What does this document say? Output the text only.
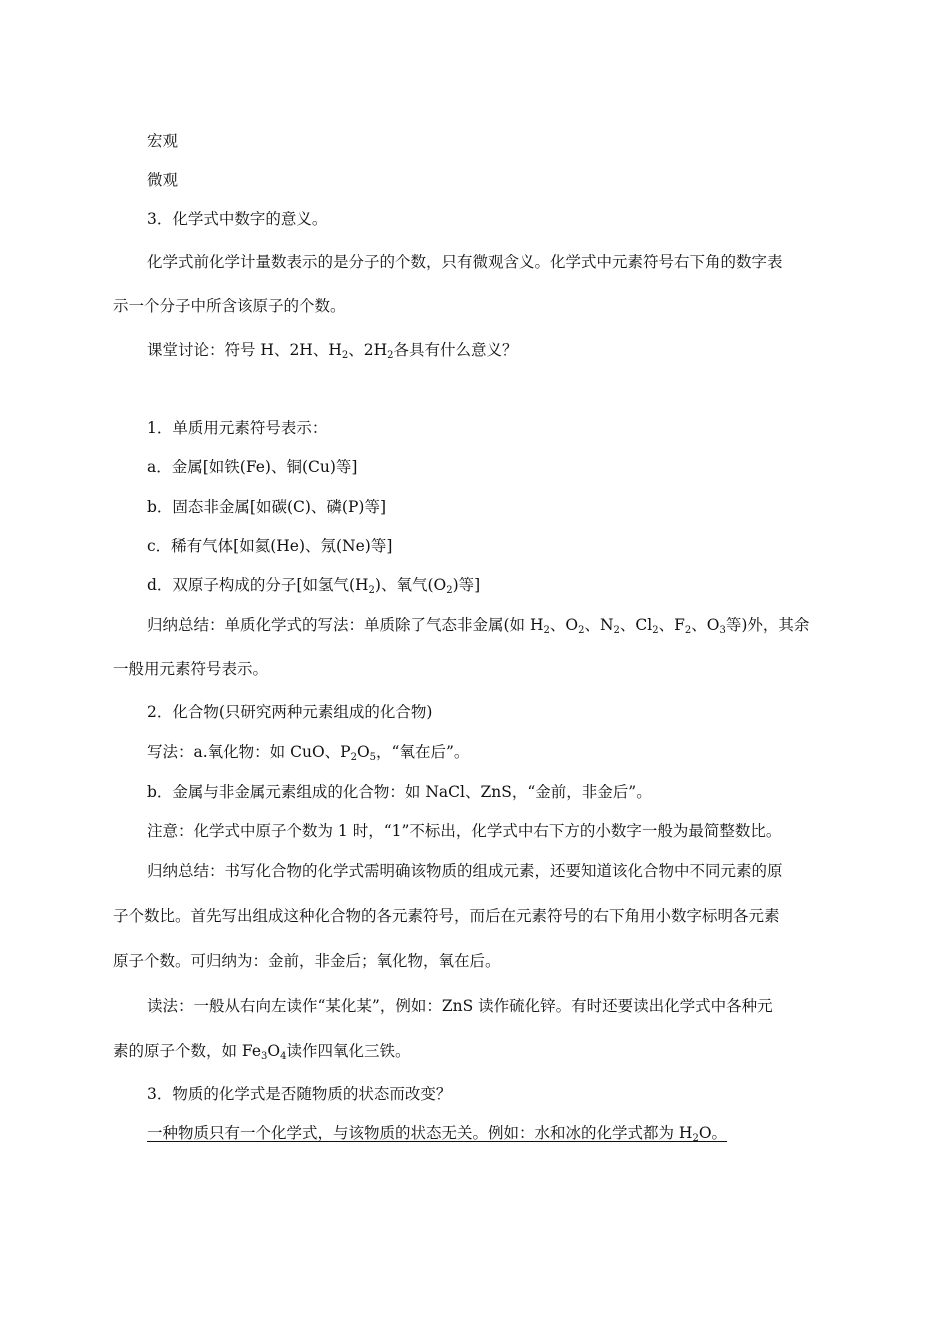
宏观
微观
3．化学式中数字的意义。
化学式前化学计量数表示的是分子的个数，只有微观含义。化学式中元素符号右下角的数字表
示一个分子中所含该原子的个数。
课堂讨论：符号 H、2H、$H_2$、$2H_2$各具有什么意义？
1．单质用元素符号表示：
a．金属[如铁(Fe)、铜(Cu)等]
b．固态非金属[如碳(C)、磷(P)等]
c．稀有气体[如氦(He)、氖(Ne)等]
d．双原子构成的分子[如氢气$(H_2)$、氧气$(O_2)$等]
归纳总结：单质化学式的写法：单质除了气态非金属(如 $H_2$、$O_2$、$N_2$、$Cl_2$、$F_2$、$O_3$等)外，其余
一般用元素符号表示。
2．化合物(只研究两种元素组成的化合物)
写法：a.氧化物：如 CuO、$P_2O_5$，“氧在后”。
b．金属与非金属元素组成的化合物：如 NaCl、ZnS，“金前，非金后”。
注意：化学式中原子个数为 1 时，“1”不标出，化学式中右下方的小数字一般为最简整数比。
归纳总结：书写化合物的化学式需明确该物质的组成元素，还要知道该化合物中不同元素的原
子个数比。首先写出组成这种化合物的各元素符号，而后在元素符号的右下角用小数字标明各元素
原子个数。可归纳为：金前，非金后；氧化物，氧在后。
读法：一般从右向左读作“某化某”，例如：ZnS 读作硫化锌。有时还要读出化学式中各种元
素的原子个数，如 $Fe_3O_4$读作四氧化三铁。
3．物质的化学式是否随物质的状态而改变？
一种物质只有一个化学式，与该物质的状态无关。例如：水和冰的化学式都为 $H_2O$。
